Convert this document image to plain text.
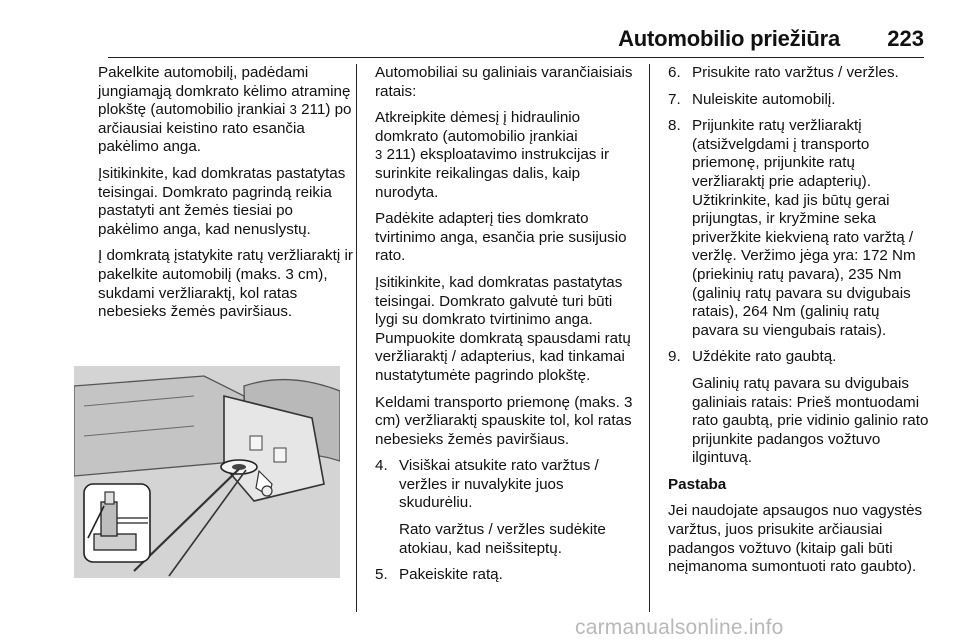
Automobilio priežiūra 223

Pakelkite automobilį, padėdami jungiamąją domkrato kėlimo atraminę plokštę (automobilio įrankiai 3 211) po arčiausiai keistino rato esančia pakėlimo anga.

Įsitikinkite, kad domkratas pastatytas teisingai. Domkrato pagrindą reikia pastatyti ant žemės tiesiai po pakėlimo anga, kad nenuslystų.

Į domkratą įstatykite ratų veržliaraktį ir pakelkite automobilį (maks. 3 cm), sukdami veržliaraktį, kol ratas nebesieks žemės paviršiaus.

Automobiliai su galiniais varančiaisiais ratais:

Atkreipkite dėmesį į hidraulinio domkrato (automobilio įrankiai
3 211) eksploatavimo instrukcijas ir surinkite reikalingas dalis, kaip nurodyta.

Padėkite adapterį ties domkrato tvirtinimo anga, esančia prie susijusio rato.

Įsitikinkite, kad domkratas pastatytas teisingai. Domkrato galvutė turi būti lygi su domkrato tvirtinimo anga. Pumpuokite domkratą spausdami ratų veržliaraktį / adapterius, kad tinkamai nustatytumėte pagrindo plokštę.

Keldami transporto priemonę (maks. 3 cm) veržliaraktį spauskite tol, kol ratas nebesieks žemės paviršiaus.

4. Visiškai atsukite rato varžtus / veržles ir nuvalykite juos skudurėliu.

Rato varžtus / veržles sudėkite atokiau, kad neišsiteptų.

5. Pakeiskite ratą.

6. Prisukite rato varžtus / veržles.

7. Nuleiskite automobilį.

8. Prijunkite ratų veržliaraktį (atsižvelgdami į transporto priemonę, prijunkite ratų veržliaraktį prie adapterių). Užtikrinkite, kad jis būtų gerai prijungtas, ir kryžmine seka priveržkite kiekvieną rato varžtą / veržlę. Veržimo jėga yra: 172 Nm (priekinių ratų pavara), 235 Nm (galinių ratų pavara su dvigubais ratais), 264 Nm (galinių ratų pavara su viengubais ratais).

9. Uždėkite rato gaubtą.

Galinių ratų pavara su dvigubais galiniais ratais: Prieš montuodami rato gaubtą, prie vidinio galinio rato prijunkite padangos vožtuvo ilgintuvą.

Pastaba

Jei naudojate apsaugos nuo vagystės varžtus, juos prisukite arčiausiai padangos vožtuvo (kitaip gali būti neįmanoma sumontuoti rato gaubto).

carmanualsonline.info
